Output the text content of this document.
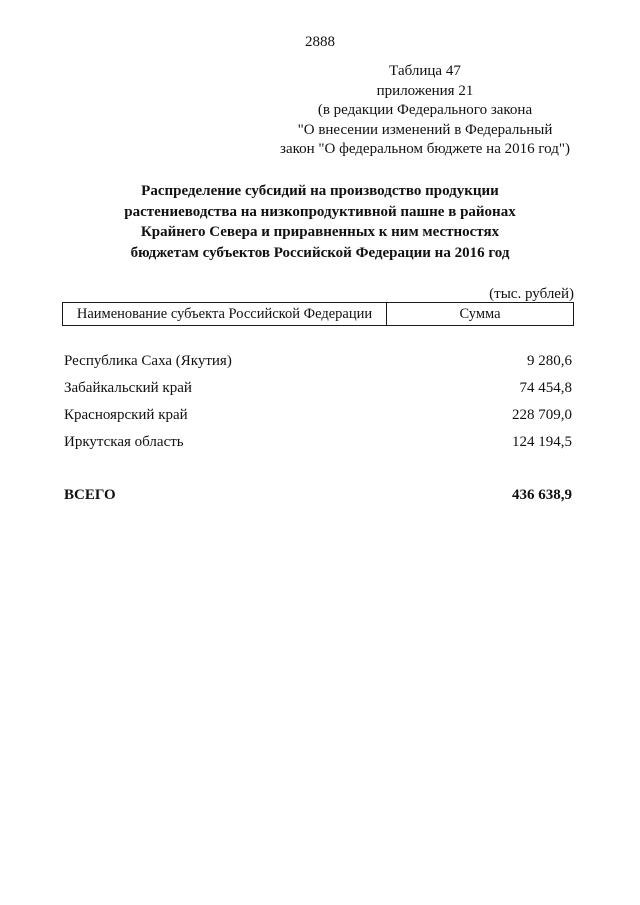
2888
Таблица 47
приложения 21
(в редакции Федерального закона
"О внесении изменений в Федеральный
закон "О федеральном бюджете на 2016 год")
Распределение субсидий на производство продукции
растениеводства на низкопродуктивной пашне в районах
Крайнего Севера и приравненных к ним местностях
бюджетам субъектов Российской Федерации на 2016 год
(тыс. рублей)
Наименование субъекта Российской Федерации	Сумма
Республика Саха (Якутия)	9 280,6
Забайкальский край	74 454,8
Красноярский край	228 709,0
Иркутская область	124 194,5
ВСЕГО	436 638,9
